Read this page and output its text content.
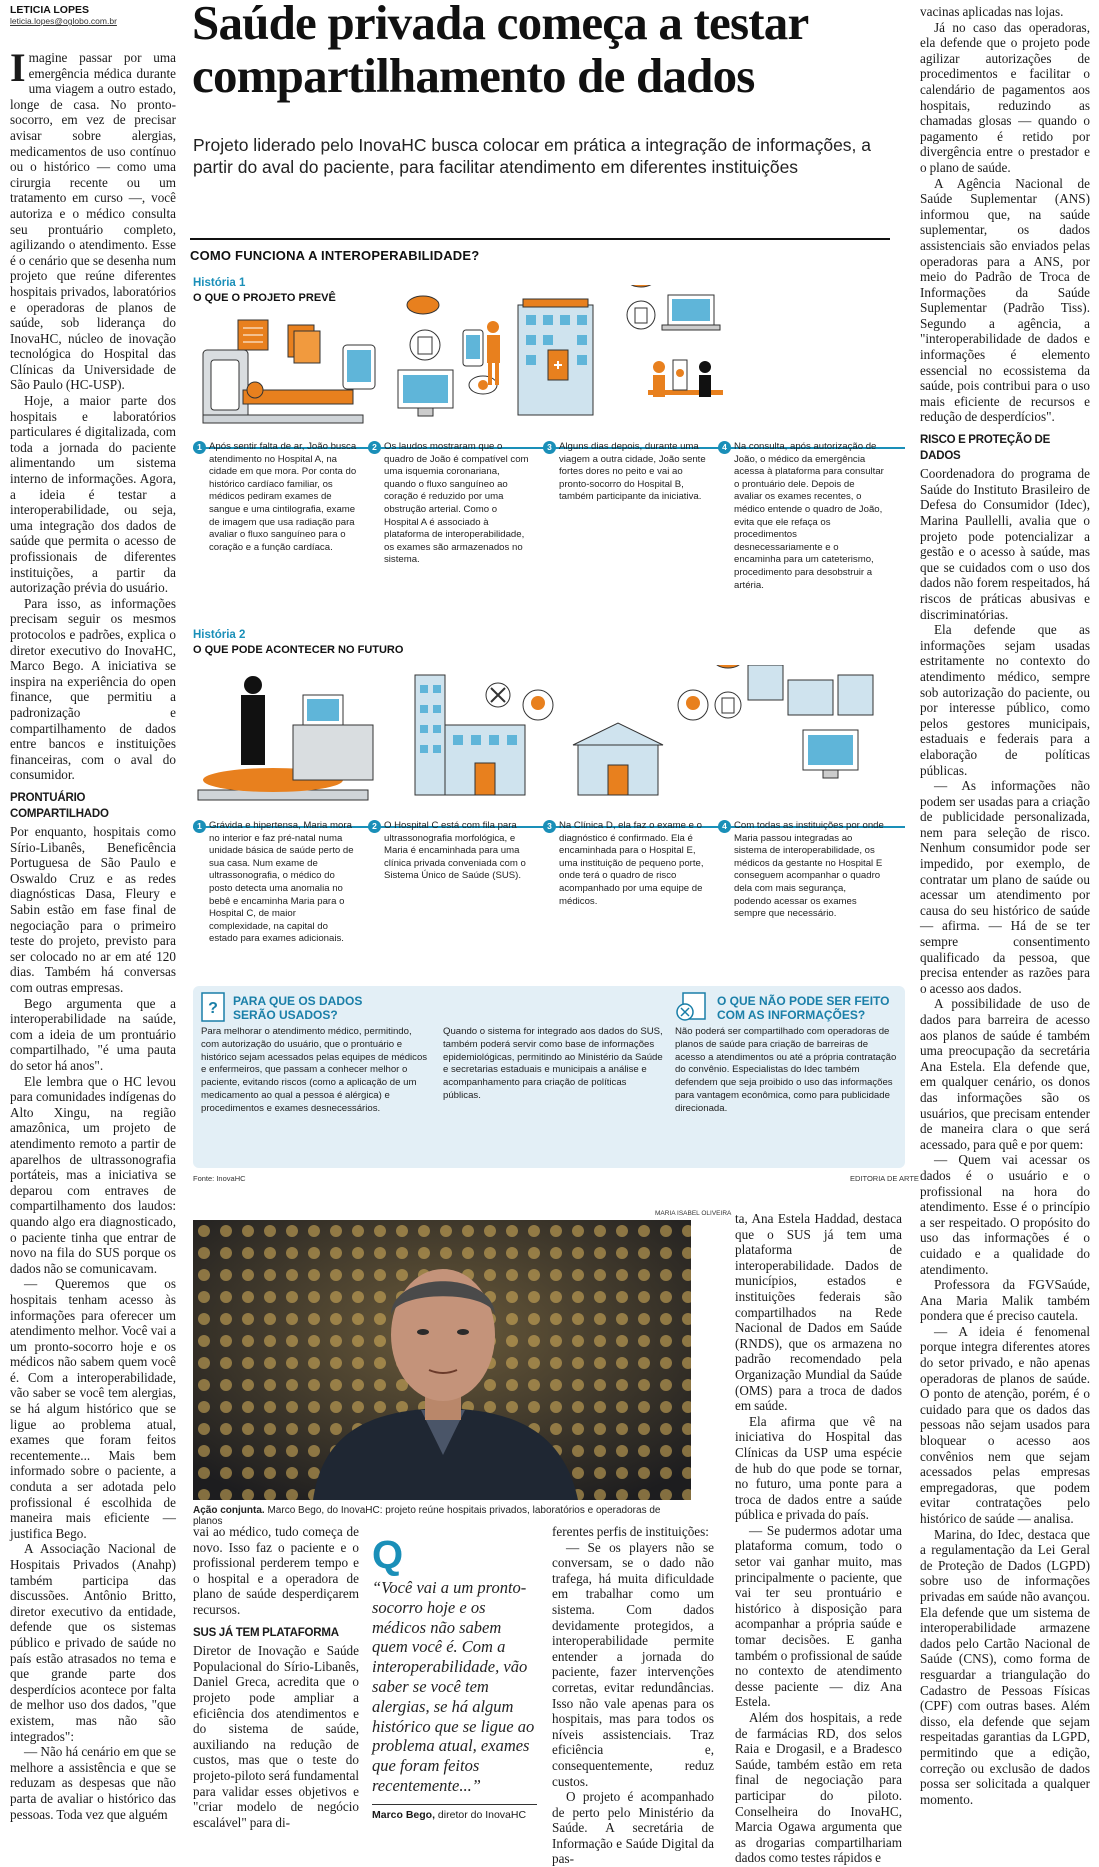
LETICIA LOPES
leticia.lopes@oglobo.com.br	Saúde privada começa a testar compartilhamento de dados
Projeto liderado pelo InovaHC busca colocar em prática a integração de informações, a partir do aval do paciente, para facilitar atendimento em diferentes instituições

Imagine passar por uma emergência médica durante uma viagem a outro estado, longe de casa. No pronto-socorro, em vez de precisar avisar sobre alergias, medicamentos de uso contínuo ou o histórico — como uma cirurgia recente ou um tratamento em curso —, você autoriza e o médico consulta seu prontuário completo, agilizando o atendimento. Esse é o cenário que se desenha num projeto que reúne diferentes hospitais privados, laboratórios e operadoras de planos de saúde, sob liderança do InovaHC, núcleo de inovação tecnológica do Hospital das Clínicas da Universidade de São Paulo (HC-USP).

Hoje, a maior parte dos hospitais e laboratórios particulares é digitalizada, com toda a jornada do paciente alimentando um sistema interno de informações. Agora, a ideia é testar a interoperabilidade, ou seja, uma integração dos dados de saúde que permita o acesso de profissionais de diferentes instituições, a partir da autorização prévia do usuário.

Para isso, as informações precisam seguir os mesmos protocolos e padrões, explica o diretor executivo do InovaHC, Marco Bego. A iniciativa se inspira na experiência do open finance, que permitiu a padronização e compartilhamento de dados entre bancos e instituições financeiras, com o aval do consumidor.

PRONTUÁRIO COMPARTILHADO

Por enquanto, hospitais como Sírio-Libanês, Beneficência Portuguesa de São Paulo e Oswaldo Cruz e as redes diagnósticas Dasa, Fleury e Sabin estão em fase final de negociação para o primeiro teste do projeto, previsto para ser colocado no ar em até 120 dias. Também há conversas com outras empresas.

Bego argumenta que a interoperabilidade na saúde, com a ideia de um prontuário compartilhado, "é uma pauta do setor há anos".

Ele lembra que o HC levou para comunidades indígenas do Alto Xingu, na região amazônica, um projeto de atendimento remoto a partir de aparelhos de ultrassonografia portáteis, mas a iniciativa se deparou com entraves de compartilhamento dos laudos: quando algo era diagnosticado, o paciente tinha que entrar de novo na fila do SUS porque os dados não se comunicavam.

— Queremos que os hospitais tenham acesso às informações para oferecer um atendimento melhor. Você vai a um pronto-socorro hoje e os médicos não sabem quem você é. Com a interoperabilidade, vão saber se você tem alergias, se há algum histórico que se ligue ao problema atual, exames que foram feitos recentemente... Mais bem informado sobre o paciente, a conduta a ser adotada pelo profissional é escolhida de maneira mais eficiente — justifica Bego.

A Associação Nacional de Hospitais Privados (Anahp) também participa das discussões. Antônio Britto, diretor executivo da entidade, defende que os sistemas público e privado de saúde no país estão atrasados no tema e que grande parte dos desperdícios acontece por falta de melhor uso dos dados, "que existem, mas não são integrados":

— Não há cenário em que se melhore a assistência e que se reduzam as despesas que não parta de avaliar o histórico das pessoas. Toda vez que alguém

COMO FUNCIONA A INTEROPERABILIDADE?
História 1
O QUE O PROJETO PREVÊ
1 Após sentir falta de ar, João busca atendimento no Hospital A, na cidade em que mora. Por conta do histórico cardíaco familiar, os médicos pediram exames de sangue e uma cintilografia, exame de imagem que usa radiação para avaliar o fluxo sanguíneo para o coração e a função cardíaca.
2 Os laudos mostraram que o quadro de João é compatível com uma isquemia coronariana, quando o fluxo sanguíneo ao coração é reduzido por uma obstrução arterial. Como o Hospital A é associado à plataforma de interoperabilidade, os exames são armazenados no sistema.
3 Alguns dias depois, durante uma viagem a outra cidade, João sente fortes dores no peito e vai ao pronto-socorro do Hospital B, também participante da iniciativa.
4 Na consulta, após autorização de João, o médico da emergência acessa à plataforma para consultar o prontuário dele. Depois de avaliar os exames recentes, o médico entende o quadro de João, evita que ele refaça os procedimentos desnecessariamente e o encaminha para um cateterismo, procedimento para desobstruir a artéria.
História 2
O QUE PODE ACONTECER NO FUTURO
1 Grávida e hipertensa, Maria mora no interior e faz pré-natal numa unidade básica de saúde perto de sua casa. Num exame de ultrassonografia, o médico do posto detecta uma anomalia no bebê e encaminha Maria para o Hospital C, de maior complexidade, na capital do estado para exames adicionais.
2 O Hospital C está com fila para ultrassonografia morfológica, e Maria é encaminhada para uma clínica privada conveniada com o Sistema Único de Saúde (SUS).
3 Na Clínica D, ela faz o exame e o diagnóstico é confirmado. Ela é encaminhada para o Hospital E, uma instituição de pequeno porte, onde terá o quadro de risco acompanhado por uma equipe de médicos.
4 Com todas as instituições por onde Maria passou integradas ao sistema de interoperabilidade, os médicos da gestante no Hospital E conseguem acompanhar o quadro dela com mais segurança, podendo acessar os exames sempre que necessário.
? PARA QUE OS DADOS SERÃO USADOS?
Para melhorar o atendimento médico, permitindo, com autorização do usuário, que o prontuário e histórico sejam acessados pelas equipes de médicos e enfermeiros, que passam a conhecer melhor o paciente, evitando riscos (como a aplicação de um medicamento ao qual a pessoa é alérgica) e procedimentos e exames desnecessários.
Quando o sistema for integrado aos dados do SUS, também poderá servir como base de informações epidemiológicas, permitindo ao Ministério da Saúde e secretarias estaduais e municipais a análise e acompanhamento para criação de políticas públicas.
O QUE NÃO PODE SER FEITO COM AS INFORMAÇÕES?
Não poderá ser compartilhado com operadoras de planos de saúde para criação de barreiras de acesso a atendimentos ou até a própria contratação do convênio. Especialistas do Idec também defendem que seja proibido o uso das informações para vantagem econômica, como para publicidade direcionada.
Fonte: InovaHC	EDITORIA DE ARTE
MARIA ISABEL OLIVEIRA
Ação conjunta. Marco Bego, do InovaHC: projeto reúne hospitais privados, laboratórios e operadoras de planos

vai ao médico, tudo começa de novo. Isso faz o paciente e o profissional perderem tempo e o hospital e a operadora de plano de saúde desperdiçarem recursos.

SUS JÁ TEM PLATAFORMA

Diretor de Inovação e Saúde Populacional do Sírio-Libanês, Daniel Greca, acredita que o projeto pode ampliar a eficiência dos atendimentos e do sistema de saúde, auxiliando na redução de custos, mas que o teste do projeto-piloto será fundamental para validar esses objetivos e "criar modelo de negócio escalável" para di-

Q
“Você vai a um pronto-socorro hoje e os médicos não sabem quem você é. Com a interoperabilidade, vão saber se você tem alergias, se há algum histórico que se ligue ao problema atual, exames que foram feitos recentemente...”
Marco Bego, diretor do InovaHC

ferentes perfis de instituições:

— Se os players não se conversam, se o dado não trafega, há muita dificuldade em trabalhar como um sistema. Com dados devidamente protegidos, a interoperabilidade permite entender a jornada do paciente, fazer intervenções corretas, evitar redundâncias. Isso não vale apenas para os hospitais, mas para todos os níveis assistenciais. Traz eficiência e, consequentemente, reduz custos.

O projeto é acompanhado de perto pelo Ministério da Saúde. A secretária de Informação e Saúde Digital da pas-

ta, Ana Estela Haddad, destaca que o SUS já tem uma plataforma de interoperabilidade. Dados de municípios, estados e instituições federais são compartilhados na Rede Nacional de Dados em Saúde (RNDS), que os armazena no padrão recomendado pela Organização Mundial da Saúde (OMS) para a troca de dados em saúde.

Ela afirma que vê na iniciativa do Hospital das Clínicas da USP uma espécie de hub do que pode se tornar, no futuro, uma ponte para a troca de dados entre a saúde pública e privada do país.

— Se pudermos adotar uma plataforma comum, todo o setor vai ganhar muito, mas principalmente o paciente, que vai ter seu prontuário e histórico à disposição para acompanhar a própria saúde e tomar decisões. E ganha também o profissional de saúde no contexto de atendimento desse paciente — diz Ana Estela.

Além dos hospitais, a rede de farmácias RD, dos selos Raia e Drogasil, e a Bradesco Saúde, também estão em reta final de negociação para participar do piloto. Conselheira do InovaHC, Marcia Ogawa argumenta que as drogarias compartilhariam dados como testes rápidos e

vacinas aplicadas nas lojas.

Já no caso das operadoras, ela defende que o projeto pode agilizar autorizações de procedimentos e facilitar o calendário de pagamentos aos hospitais, reduzindo as chamadas glosas — quando o pagamento é retido por divergência entre o prestador e o plano de saúde.

A Agência Nacional de Saúde Suplementar (ANS) informou que, na saúde suplementar, os dados assistenciais são enviados pelas operadoras para a ANS, por meio do Padrão de Troca de Informações da Saúde Suplementar (Padrão Tiss). Segundo a agência, a "interoperabilidade de dados e informações é elemento essencial no ecossistema da saúde, pois contribui para o uso mais eficiente de recursos e redução de desperdícios".

RISCO E PROTEÇÃO DE DADOS

Coordenadora do programa de Saúde do Instituto Brasileiro de Defesa do Consumidor (Idec), Marina Paullelli, avalia que o projeto pode potencializar a gestão e o acesso à saúde, mas que se cuidados com o uso dos dados não forem respeitados, há riscos de práticas abusivas e discriminatórias.

Ela defende que as informações sejam usadas estritamente no contexto do atendimento médico, sempre sob autorização do paciente, ou por interesse público, como pelos gestores municipais, estaduais e federais para a elaboração de políticas públicas.

— As informações não podem ser usadas para a criação de publicidade personalizada, nem para seleção de risco. Nenhum consumidor pode ser impedido, por exemplo, de contratar um plano de saúde ou acessar um atendimento por causa do seu histórico de saúde — afirma. — Há de se ter sempre consentimento qualificado da pessoa, que precisa entender as razões para o acesso aos dados.

A possibilidade de uso de dados para barreira de acesso aos planos de saúde é também uma preocupação da secretária Ana Estela. Ela defende que, em qualquer cenário, os donos das informações são os usuários, que precisam entender de maneira clara o que será acessado, para quê e por quem:

— Quem vai acessar os dados é o usuário e o profissional na hora do atendimento. Esse é o princípio a ser respeitado. O propósito do uso das informações é o cuidado e a qualidade do atendimento.

Professora da FGVSaúde, Ana Maria Malik também pondera que é preciso cautela.

— A ideia é fenomenal porque integra diferentes atores do setor privado, e não apenas operadoras de planos de saúde. O ponto de atenção, porém, é o cuidado para que os dados das pessoas não sejam usados para bloquear o acesso aos convênios nem que sejam acessados pelas empresas empregadoras, que podem evitar contratações pelo histórico de saúde — analisa.

Marina, do Idec, destaca que a regulamentação da Lei Geral de Proteção de Dados (LGPD) sobre uso de informações privadas em saúde não avançou. Ela defende que um sistema de interoperabilidade armazene dados pelo Cartão Nacional de Saúde (CNS), como forma de resguardar a triangulação do Cadastro de Pessoas Físicas (CPF) com outras bases. Além disso, ela defende que sejam respeitadas garantias da LGPD, permitindo que a edição, correção ou exclusão de dados possa ser solicitada a qualquer momento.
